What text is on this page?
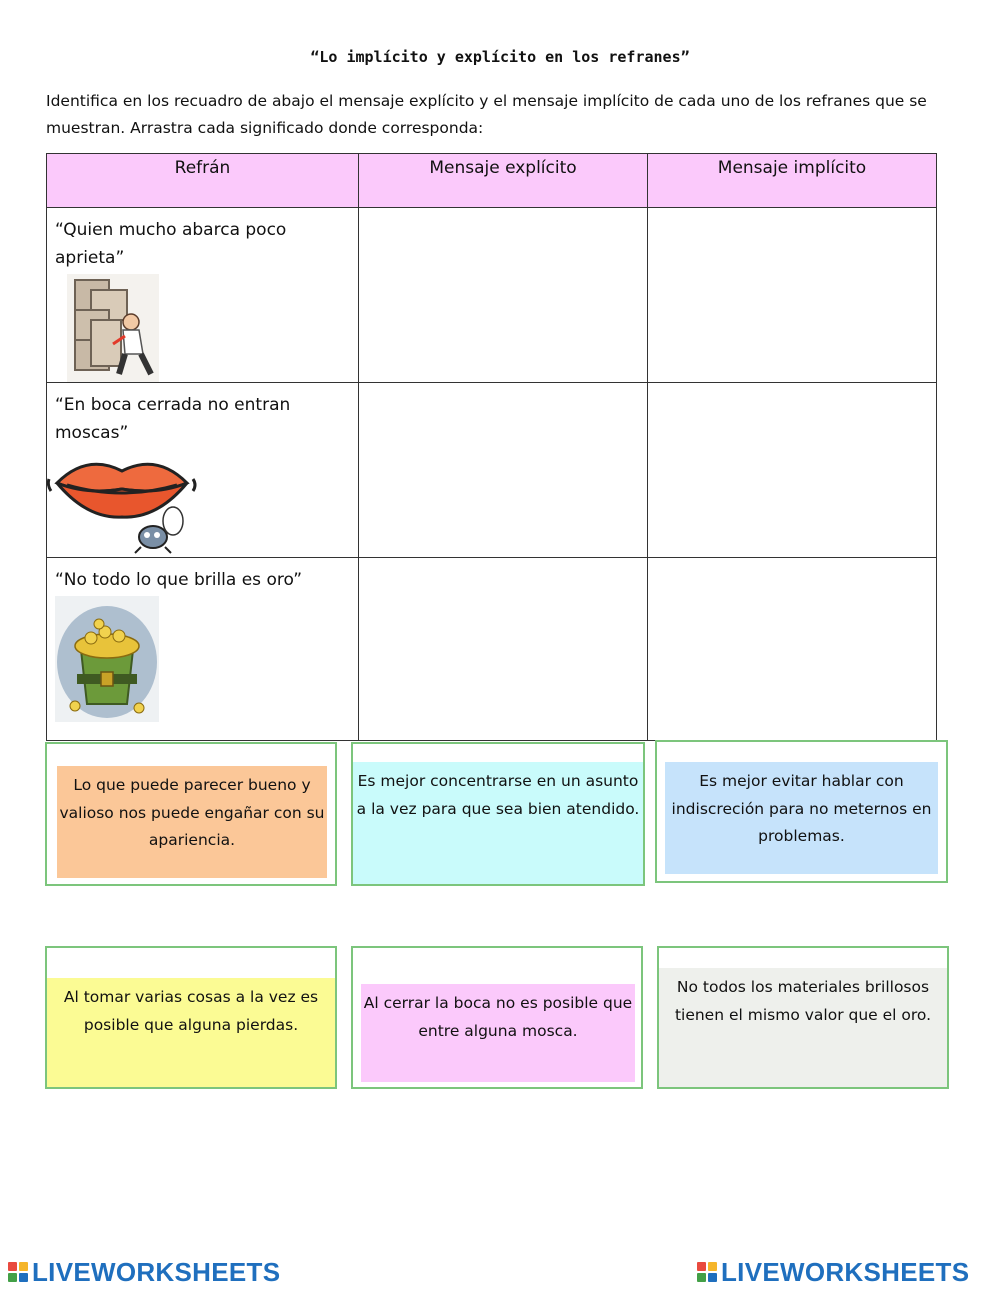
“Lo implícito y explícito en los refranes”
Identifica en los recuadro de abajo el mensaje explícito y el mensaje implícito de cada uno de los refranes que se muestran. Arrastra cada significado donde corresponda:
Refrán	Mensaje explícito	Mensaje implícito

“Quien mucho abarca poco aprieta”		

“En boca cerrada no entran moscas”		

“No todo lo que brilla es oro”		

Lo que puede parecer bueno y valioso nos puede engañar con su apariencia.
Es mejor concentrarse en un asunto a la vez para que sea bien atendido.
Es mejor evitar hablar con indiscreción para no meternos en problemas.
Al tomar varias cosas a la vez es posible que alguna pierdas.
Al cerrar la boca no es posible que entre alguna mosca.
No todos los materiales brillosos tienen el mismo valor que el oro.
LIVEWORKSHEETS	LIVEWORKSHEETS
